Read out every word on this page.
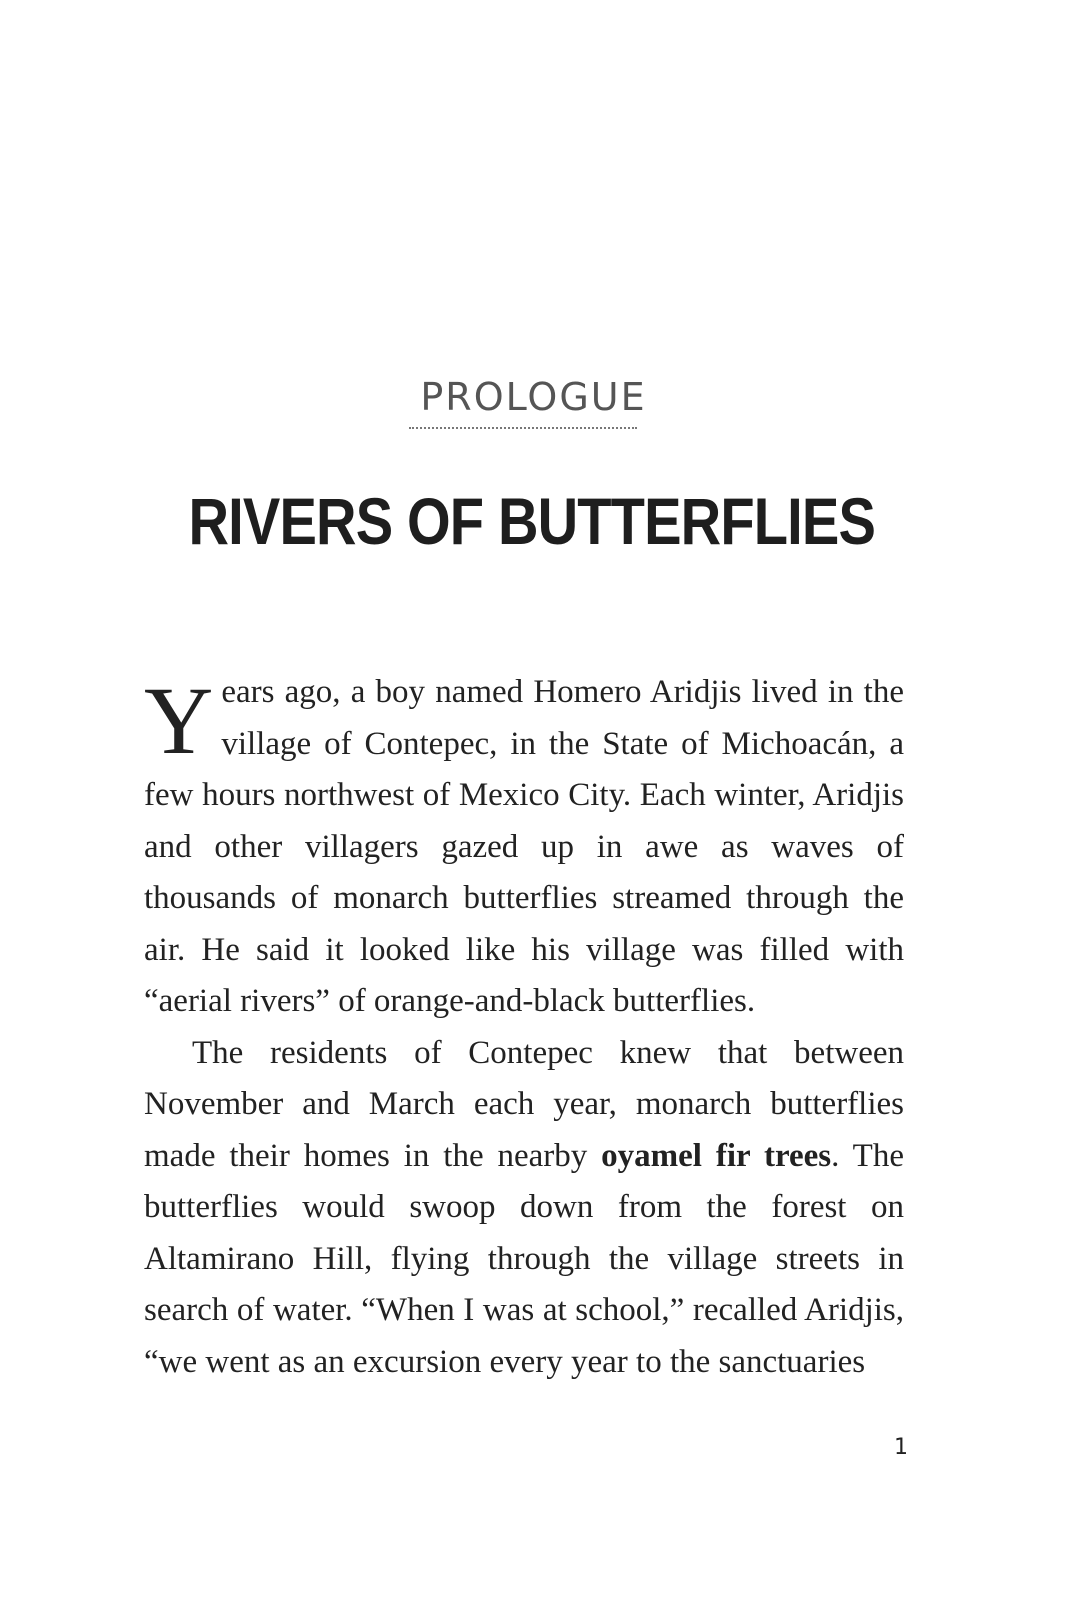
PROLOGUE
RIVERS OF BUTTERFLIES

Years ago, a boy named Homero Aridjis lived in the village of Contepec, in the State of Michoacán, a few hours northwest of Mexico City. Each winter, Aridjis and other villagers gazed up in awe as waves of thousands of monarch butterflies streamed through the air. He said it looked like his village was filled with “aerial rivers” of orange-and-black butterflies.

The residents of Contepec knew that between November and March each year, monarch butterflies made their homes in the nearby oyamel fir trees. The butterflies would swoop down from the forest on Altamirano Hill, flying through the village streets in search of water. “When I was at school,” recalled Aridjis, “we went as an excursion every year to the sanctuaries

1
